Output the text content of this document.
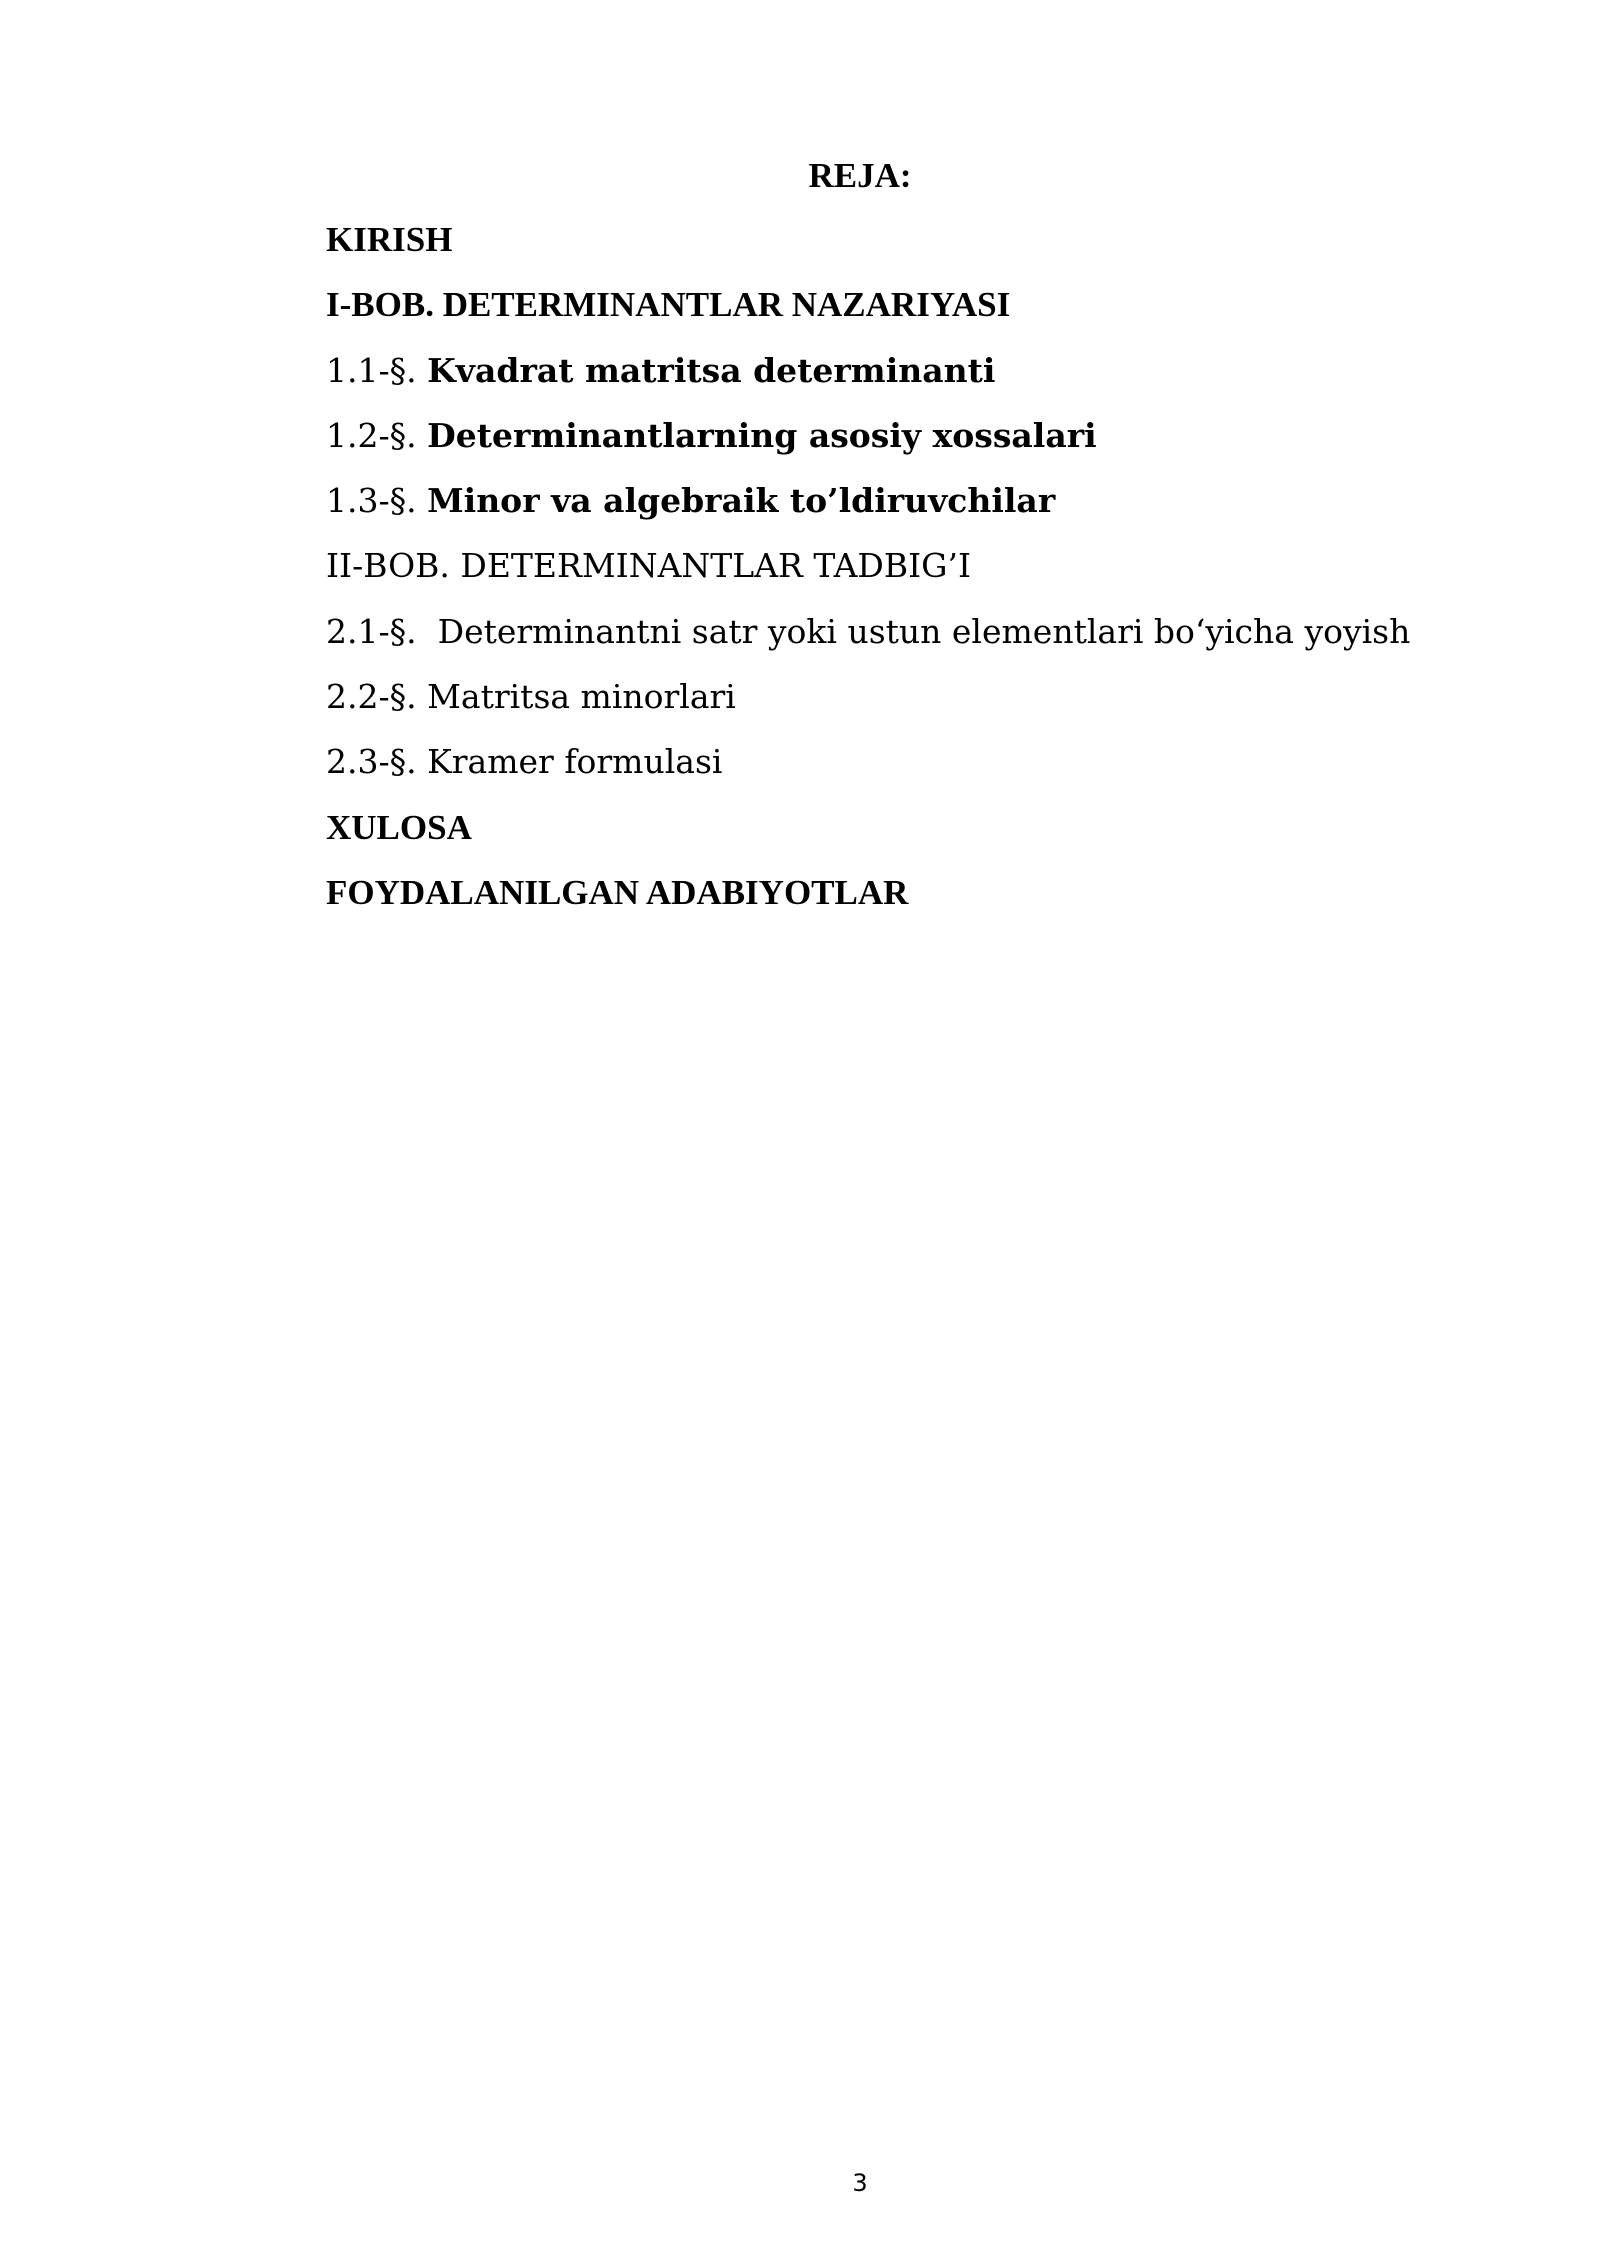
REJA:
KIRISH
I-BOB. DETERMINANTLAR NAZARIYASI
1.1-§. Kvadrat matritsa determinanti
1.2-§. Determinantlarning asosiy xossalari
1.3-§. Minor va algebraik to’ldiruvchilar
II-BOB. DETERMINANTLAR TADBIG’I
2.1-§.  Determinantni satr yoki ustun elementlari bo‘yicha yoyish
2.2-§. Matritsa minorlari
2.3-§. Kramer formulasi
XULOSA
FOYDALANILGAN ADABIYOTLAR
3
